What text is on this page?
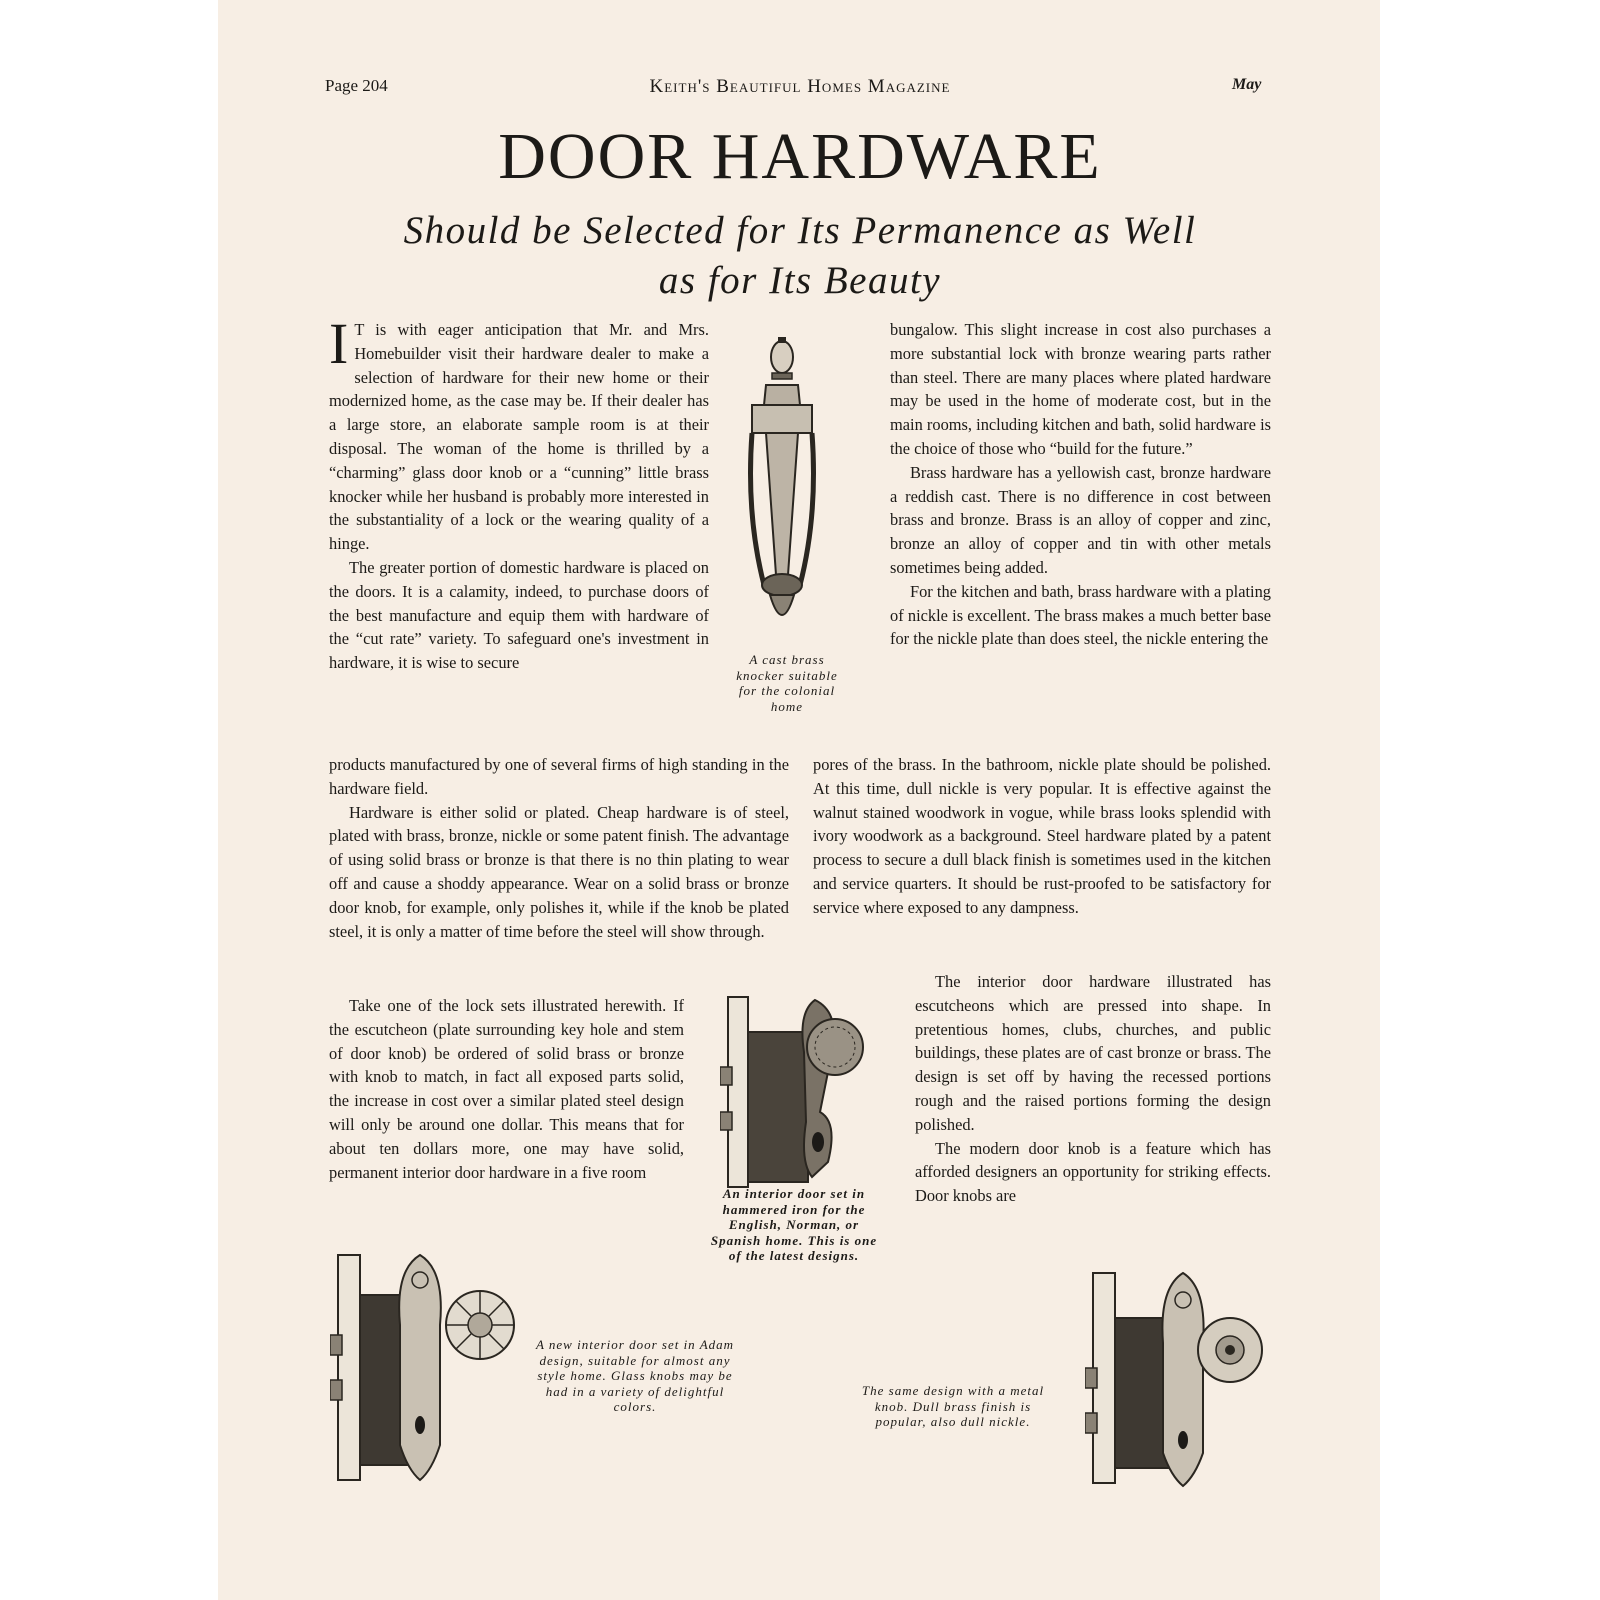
Page 204	Keith's Beautiful Homes Magazine	May
DOOR HARDWARE
Should be Selected for Its Permanence as Well
as for Its Beauty

I T is with eager anticipation that Mr. and Mrs. Homebuilder visit their hardware dealer to make a selection of hardware for their new home or their modernized home, as the case may be. If their dealer has a large store, an elaborate sample room is at their disposal. The woman of the home is thrilled by a “charming” glass door knob or a “cunning” little brass knocker while her husband is probably more interested in the substantiality of a lock or the wearing quality of a hinge.

The greater portion of domestic hardware is placed on the doors. It is a calamity, indeed, to purchase doors of the best manufacture and equip them with hardware of the “cut rate” variety. To safeguard one's investment in hardware, it is wise to secure

products manufactured by one of several firms of high standing in the hardware field.

Hardware is either solid or plated. Cheap hardware is of steel, plated with brass, bronze, nickle or some patent finish. The advantage of using solid brass or bronze is that there is no thin plating to wear off and cause a shoddy appearance. Wear on a solid brass or bronze door knob, for example, only polishes it, while if the knob be plated steel, it is only a matter of time before the steel will show through.

Take one of the lock sets illustrated herewith. If the escutcheon (plate surrounding key hole and stem of door knob) be ordered of solid brass or bronze with knob to match, in fact all exposed parts solid, the increase in cost over a similar plated steel design will only be around one dollar. This means that for about ten dollars more, one may have solid, permanent interior door hardware in a five room

bungalow. This slight increase in cost also purchases a more substantial lock with bronze wearing parts rather than steel. There are many places where plated hardware may be used in the home of moderate cost, but in the main rooms, including kitchen and bath, solid hardware is the choice of those who “build for the future.”

Brass hardware has a yellowish cast, bronze hardware a reddish cast. There is no difference in cost between brass and bronze. Brass is an alloy of copper and zinc, bronze an alloy of copper and tin with other metals sometimes being added.

For the kitchen and bath, brass hardware with a plating of nickle is excellent. The brass makes a much better base for the nickle plate than does steel, the nickle entering the

pores of the brass. In the bathroom, nickle plate should be polished. At this time, dull nickle is very popular. It is effective against the walnut stained woodwork in vogue, while brass looks splendid with ivory woodwork as a background. Steel hardware plated by a patent process to secure a dull black finish is sometimes used in the kitchen and service quarters. It should be rust-proofed to be satisfactory for service where exposed to any dampness.

The interior door hardware illustrated has escutcheons which are pressed into shape. In pretentious homes, clubs, churches, and public buildings, these plates are of cast bronze or brass. The design is set off by having the recessed portions rough and the raised portions forming the design polished.

The modern door knob is a feature which has afforded designers an opportunity for striking effects. Door knobs are

A cast brass knocker suitable for the colonial home
An interior door set in hammered iron for the English, Norman, or Spanish home. This is one of the latest designs.
A new interior door set in Adam design, suitable for almost any style home. Glass knobs may be had in a variety of delightful colors.
The same design with a metal knob. Dull brass finish is popular, also dull nickle.
